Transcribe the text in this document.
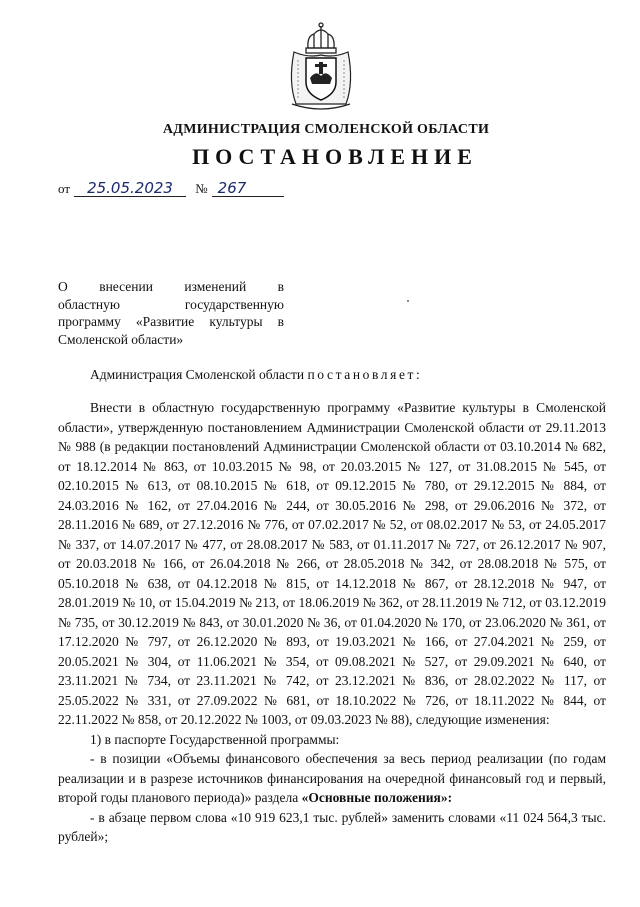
АДМИНИСТРАЦИЯ СМОЛЕНСКОЙ ОБЛАСТИ
ПОСТАНОВЛЕНИЕ
от 25.05.2023 № 267
О внесении изменений в
областную государственную
программу «Развитие культуры в
Смоленской области»
Администрация Смоленской области постановляет:

Внести в областную государственную программу «Развитие культуры в Смоленской области», утвержденную постановлением Администрации Смоленской области от 29.11.2013 № 988 (в редакции постановлений Администрации Смоленской области от 03.10.2014 № 682, от 18.12.2014 № 863, от 10.03.2015 № 98, от 20.03.2015 № 127, от 31.08.2015 № 545, от 02.10.2015 № 613, от 08.10.2015 № 618, от 09.12.2015 № 780, от 29.12.2015 № 884, от 24.03.2016 № 162, от 27.04.2016 № 244, от 30.05.2016 № 298, от 29.06.2016 № 372, от 28.11.2016 № 689, от 27.12.2016 № 776, от 07.02.2017 № 52, от 08.02.2017 № 53, от 24.05.2017 № 337, от 14.07.2017 № 477, от 28.08.2017 № 583, от 01.11.2017 № 727, от 26.12.2017 № 907, от 20.03.2018 № 166, от 26.04.2018 № 266, от 28.05.2018 № 342, от 28.08.2018 № 575, от 05.10.2018 № 638, от 04.12.2018 № 815, от 14.12.2018 № 867, от 28.12.2018 № 947, от 28.01.2019 № 10, от 15.04.2019 № 213, от 18.06.2019 № 362, от 28.11.2019 № 712, от 03.12.2019 № 735, от 30.12.2019 № 843, от 30.01.2020 № 36, от 01.04.2020 № 170, от 23.06.2020 № 361, от 17.12.2020 № 797, от 26.12.2020 № 893, от 19.03.2021 № 166, от 27.04.2021 № 259, от 20.05.2021 № 304, от 11.06.2021 № 354, от 09.08.2021 № 527, от 29.09.2021 № 640, от 23.11.2021 № 734, от 23.11.2021 № 742, от 23.12.2021 № 836, от 28.02.2022 № 117, от 25.05.2022 № 331, от 27.09.2022 № 681, от 18.10.2022 № 726, от 18.11.2022 № 844, от 22.11.2022 № 858, от 20.12.2022 № 1003, от 09.03.2023 № 88), следующие изменения:

1) в паспорте Государственной программы:

- в позиции «Объемы финансового обеспечения за весь период реализации (по годам реализации и в разрезе источников финансирования на очередной финансовый год и первый, второй годы планового периода)» раздела «Основные положения»:

- в абзаце первом слова «10 919 623,1 тыс. рублей» заменить словами «11 024 564,3 тыс. рублей»;
